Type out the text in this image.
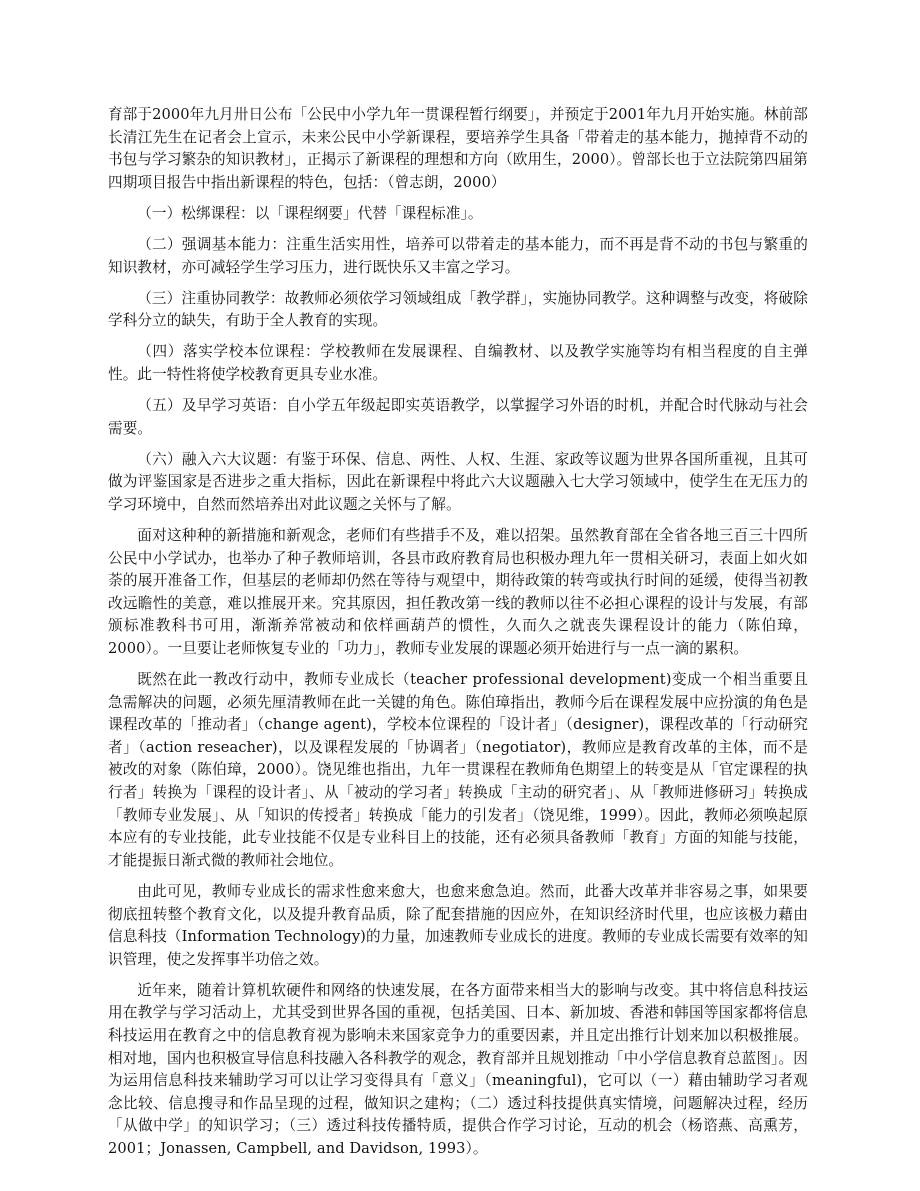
育部于2000年九月卅日公布「公民中小学九年一贯课程暂行纲要」，并预定于2001年九月开始实施。林前部长清江先生在记者会上宣示，未来公民中小学新课程，要培养学生具备「带着走的基本能力，抛掉背不动的书包与学习繁杂的知识教材」，正揭示了新课程的理想和方向（欧用生，2000）。曾部长也于立法院第四届第四期项目报告中指出新课程的特色，包括：（曾志朗，2000）

（一）松绑课程：以「课程纲要」代替「课程标准」。

（二）强调基本能力：注重生活实用性，培养可以带着走的基本能力，而不再是背不动的书包与繁重的知识教材，亦可减轻学生学习压力，进行既快乐又丰富之学习。

（三）注重协同教学：故教师必须依学习领域组成「教学群」，实施协同教学。这种调整与改变，将破除学科分立的缺失，有助于全人教育的实现。

（四）落实学校本位课程：学校教师在发展课程、自编教材、以及教学实施等均有相当程度的自主弹性。此一特性将使学校教育更具专业水准。

（五）及早学习英语：自小学五年级起即实英语教学，以掌握学习外语的时机，并配合时代脉动与社会需要。

（六）融入六大议题：有鉴于环保、信息、两性、人权、生涯、家政等议题为世界各国所重视，且其可做为评鉴国家是否进步之重大指标，因此在新课程中将此六大议题融入七大学习领域中，使学生在无压力的学习环境中，自然而然培养出对此议题之关怀与了解。

面对这种种的新措施和新观念，老师们有些措手不及，难以招架。虽然教育部在全省各地三百三十四所公民中小学试办，也举办了种子教师培训，各县市政府教育局也积极办理九年一贯相关研习，表面上如火如荼的展开准备工作，但基层的老师却仍然在等待与观望中，期待政策的转弯或执行时间的延缓，使得当初教改远瞻性的美意，难以推展开来。究其原因，担任教改第一线的教师以往不必担心课程的设计与发展，有部颁标准教科书可用，渐渐养常被动和依样画葫芦的惯性，久而久之就丧失课程设计的能力（陈伯璋，2000）。一旦要让老师恢复专业的「功力」，教师专业发展的课题必须开始进行与一点一滴的累积。

既然在此一教改行动中，教师专业成长（teacher professional development)变成一个相当重要且急需解决的问题，必须先厘清教师在此一关键的角色。陈伯璋指出，教师今后在课程发展中应扮演的角色是课程改革的「推动者」（change agent)，学校本位课程的「设计者」（designer)，课程改革的「行动研究者」（action reseacher)，以及课程发展的「协调者」（negotiator)，教师应是教育改革的主体，而不是被改的对象（陈伯璋，2000）。饶见维也指出，九年一贯课程在教师角色期望上的转变是从「官定课程的执行者」转换为「课程的设计者」、从「被动的学习者」转换成「主动的研究者」、从「教师进修研习」转换成「教师专业发展」、从「知识的传授者」转换成「能力的引发者」（饶见维，1999）。因此，教师必须唤起原本应有的专业技能，此专业技能不仅是专业科目上的技能，还有必须具备教师「教育」方面的知能与技能，才能提振日渐式微的教师社会地位。

由此可见，教师专业成长的需求性愈来愈大，也愈来愈急迫。然而，此番大改革并非容易之事，如果要彻底扭转整个教育文化，以及提升教育品质，除了配套措施的因应外，在知识经济时代里，也应该极力藉由信息科技（Information Technology)的力量，加速教师专业成长的进度。教师的专业成长需要有效率的知识管理，使之发挥事半功倍之效。

近年来，随着计算机软硬件和网络的快速发展，在各方面带来相当大的影响与改变。其中将信息科技运用在教学与学习活动上，尤其受到世界各国的重视，包括美国、日本、新加坡、香港和韩国等国家都将信息科技运用在教育之中的信息教育视为影响未来国家竞争力的重要因素，并且定出推行计划来加以积极推展。相对地，国内也积极宣导信息科技融入各科教学的观念，教育部并且规划推动「中小学信息教育总蓝图」。因为运用信息科技来辅助学习可以让学习变得具有「意义」（meaningful)，它可以（一）藉由辅助学习者观念比较、信息搜寻和作品呈现的过程，做知识之建构；（二）透过科技提供真实情境，问题解决过程，经历「从做中学」的知识学习；（三）透过科技传播特质，提供合作学习讨论，互动的机会（杨谘燕、高熏芳，2001；Jonassen, Campbell, and Davidson, 1993）。
